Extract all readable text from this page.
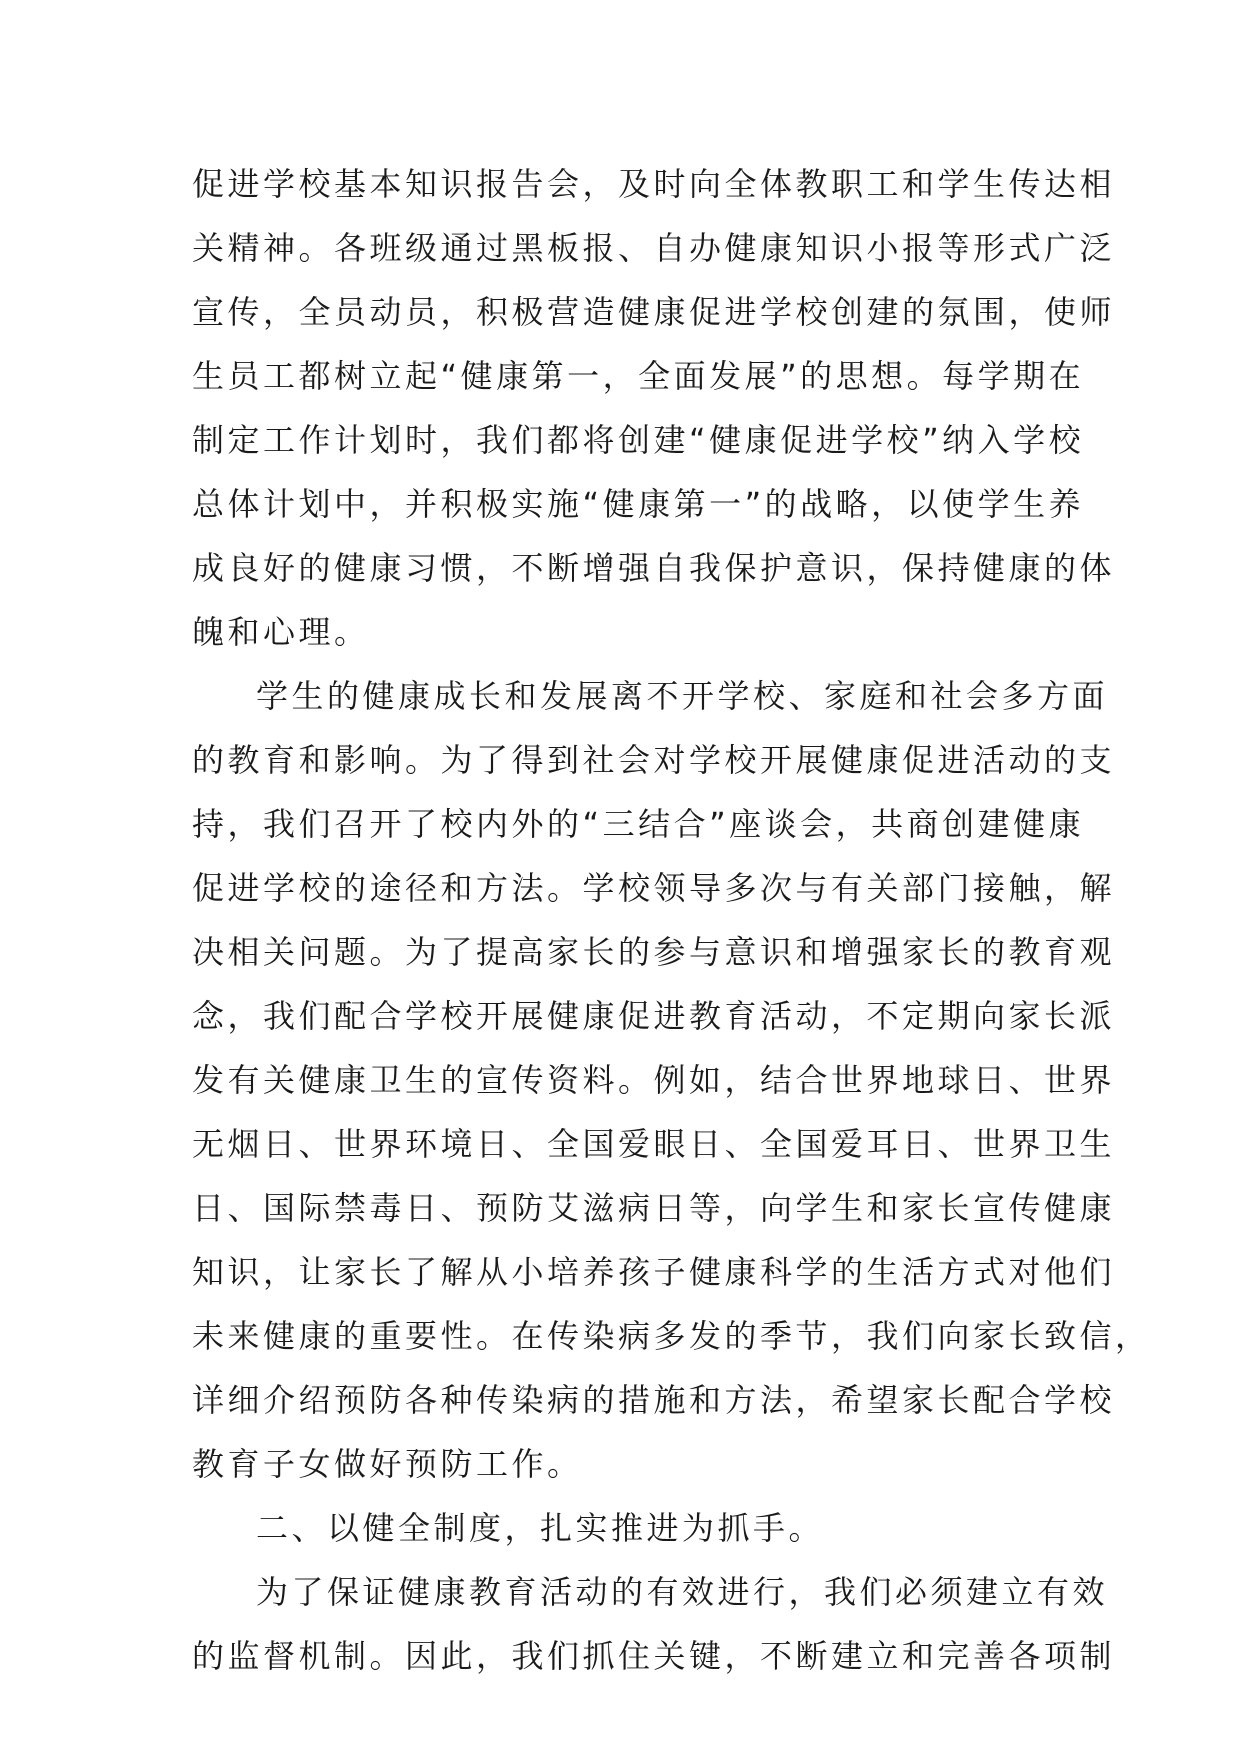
促进学校基本知识报告会，及时向全体教职工和学生传达相
关精神。各班级通过黑板报、自办健康知识小报等形式广泛
宣传，全员动员，积极营造健康促进学校创建的氛围，使师
生员工都树立起“健康第一，全面发展”的思想。每学期在
制定工作计划时，我们都将创建“健康促进学校”纳入学校
总体计划中，并积极实施“健康第一”的战略，以使学生养
成良好的健康习惯，不断增强自我保护意识，保持健康的体
魄和心理。
学生的健康成长和发展离不开学校、家庭和社会多方面
的教育和影响。为了得到社会对学校开展健康促进活动的支
持，我们召开了校内外的“三结合”座谈会，共商创建健康
促进学校的途径和方法。学校领导多次与有关部门接触，解
决相关问题。为了提高家长的参与意识和增强家长的教育观
念，我们配合学校开展健康促进教育活动，不定期向家长派
发有关健康卫生的宣传资料。例如，结合世界地球日、世界
无烟日、世界环境日、全国爱眼日、全国爱耳日、世界卫生
日、国际禁毒日、预防艾滋病日等，向学生和家长宣传健康
知识，让家长了解从小培养孩子健康科学的生活方式对他们
未来健康的重要性。在传染病多发的季节，我们向家长致信，
详细介绍预防各种传染病的措施和方法，希望家长配合学校
教育子女做好预防工作。
二、以健全制度，扎实推进为抓手。
为了保证健康教育活动的有效进行，我们必须建立有效
的监督机制。因此，我们抓住关键，不断建立和完善各项制
